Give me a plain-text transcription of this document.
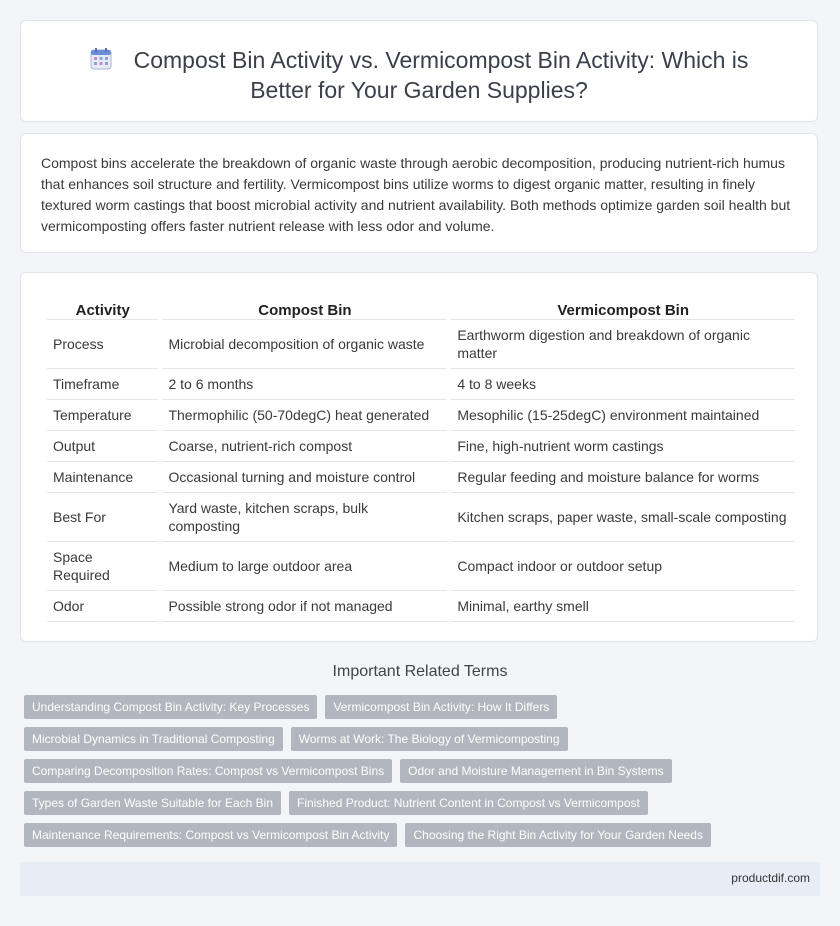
Compost Bin Activity vs. Vermicompost Bin Activity: Which is Better for Your Garden Supplies?

Compost bins accelerate the breakdown of organic waste through aerobic decomposition, producing nutrient-rich humus that enhances soil structure and fertility. Vermicompost bins utilize worms to digest organic matter, resulting in finely textured worm castings that boost microbial activity and nutrient availability. Both methods optimize garden soil health but vermicomposting offers faster nutrient release with less odor and volume.

Activity	Compost Bin	Vermicompost Bin
Process	Microbial decomposition of organic waste	Earthworm digestion and breakdown of organic matter
Timeframe	2 to 6 months	4 to 8 weeks
Temperature	Thermophilic (50-70degC) heat generated	Mesophilic (15-25degC) environment maintained
Output	Coarse, nutrient-rich compost	Fine, high-nutrient worm castings
Maintenance	Occasional turning and moisture control	Regular feeding and moisture balance for worms
Best For	Yard waste, kitchen scraps, bulk composting	Kitchen scraps, paper waste, small-scale composting
Space Required	Medium to large outdoor area	Compact indoor or outdoor setup
Odor	Possible strong odor if not managed	Minimal, earthy smell
Important Related Terms
Understanding Compost Bin Activity: Key Processes	Vermicompost Bin Activity: How It Differs
Microbial Dynamics in Traditional Composting	Worms at Work: The Biology of Vermicomposting
Comparing Decomposition Rates: Compost vs Vermicompost Bins	Odor and Moisture Management in Bin Systems
Types of Garden Waste Suitable for Each Bin	Finished Product: Nutrient Content in Compost vs Vermicompost
Maintenance Requirements: Compost vs Vermicompost Bin Activity	Choosing the Right Bin Activity for Your Garden Needs
productdif.com
